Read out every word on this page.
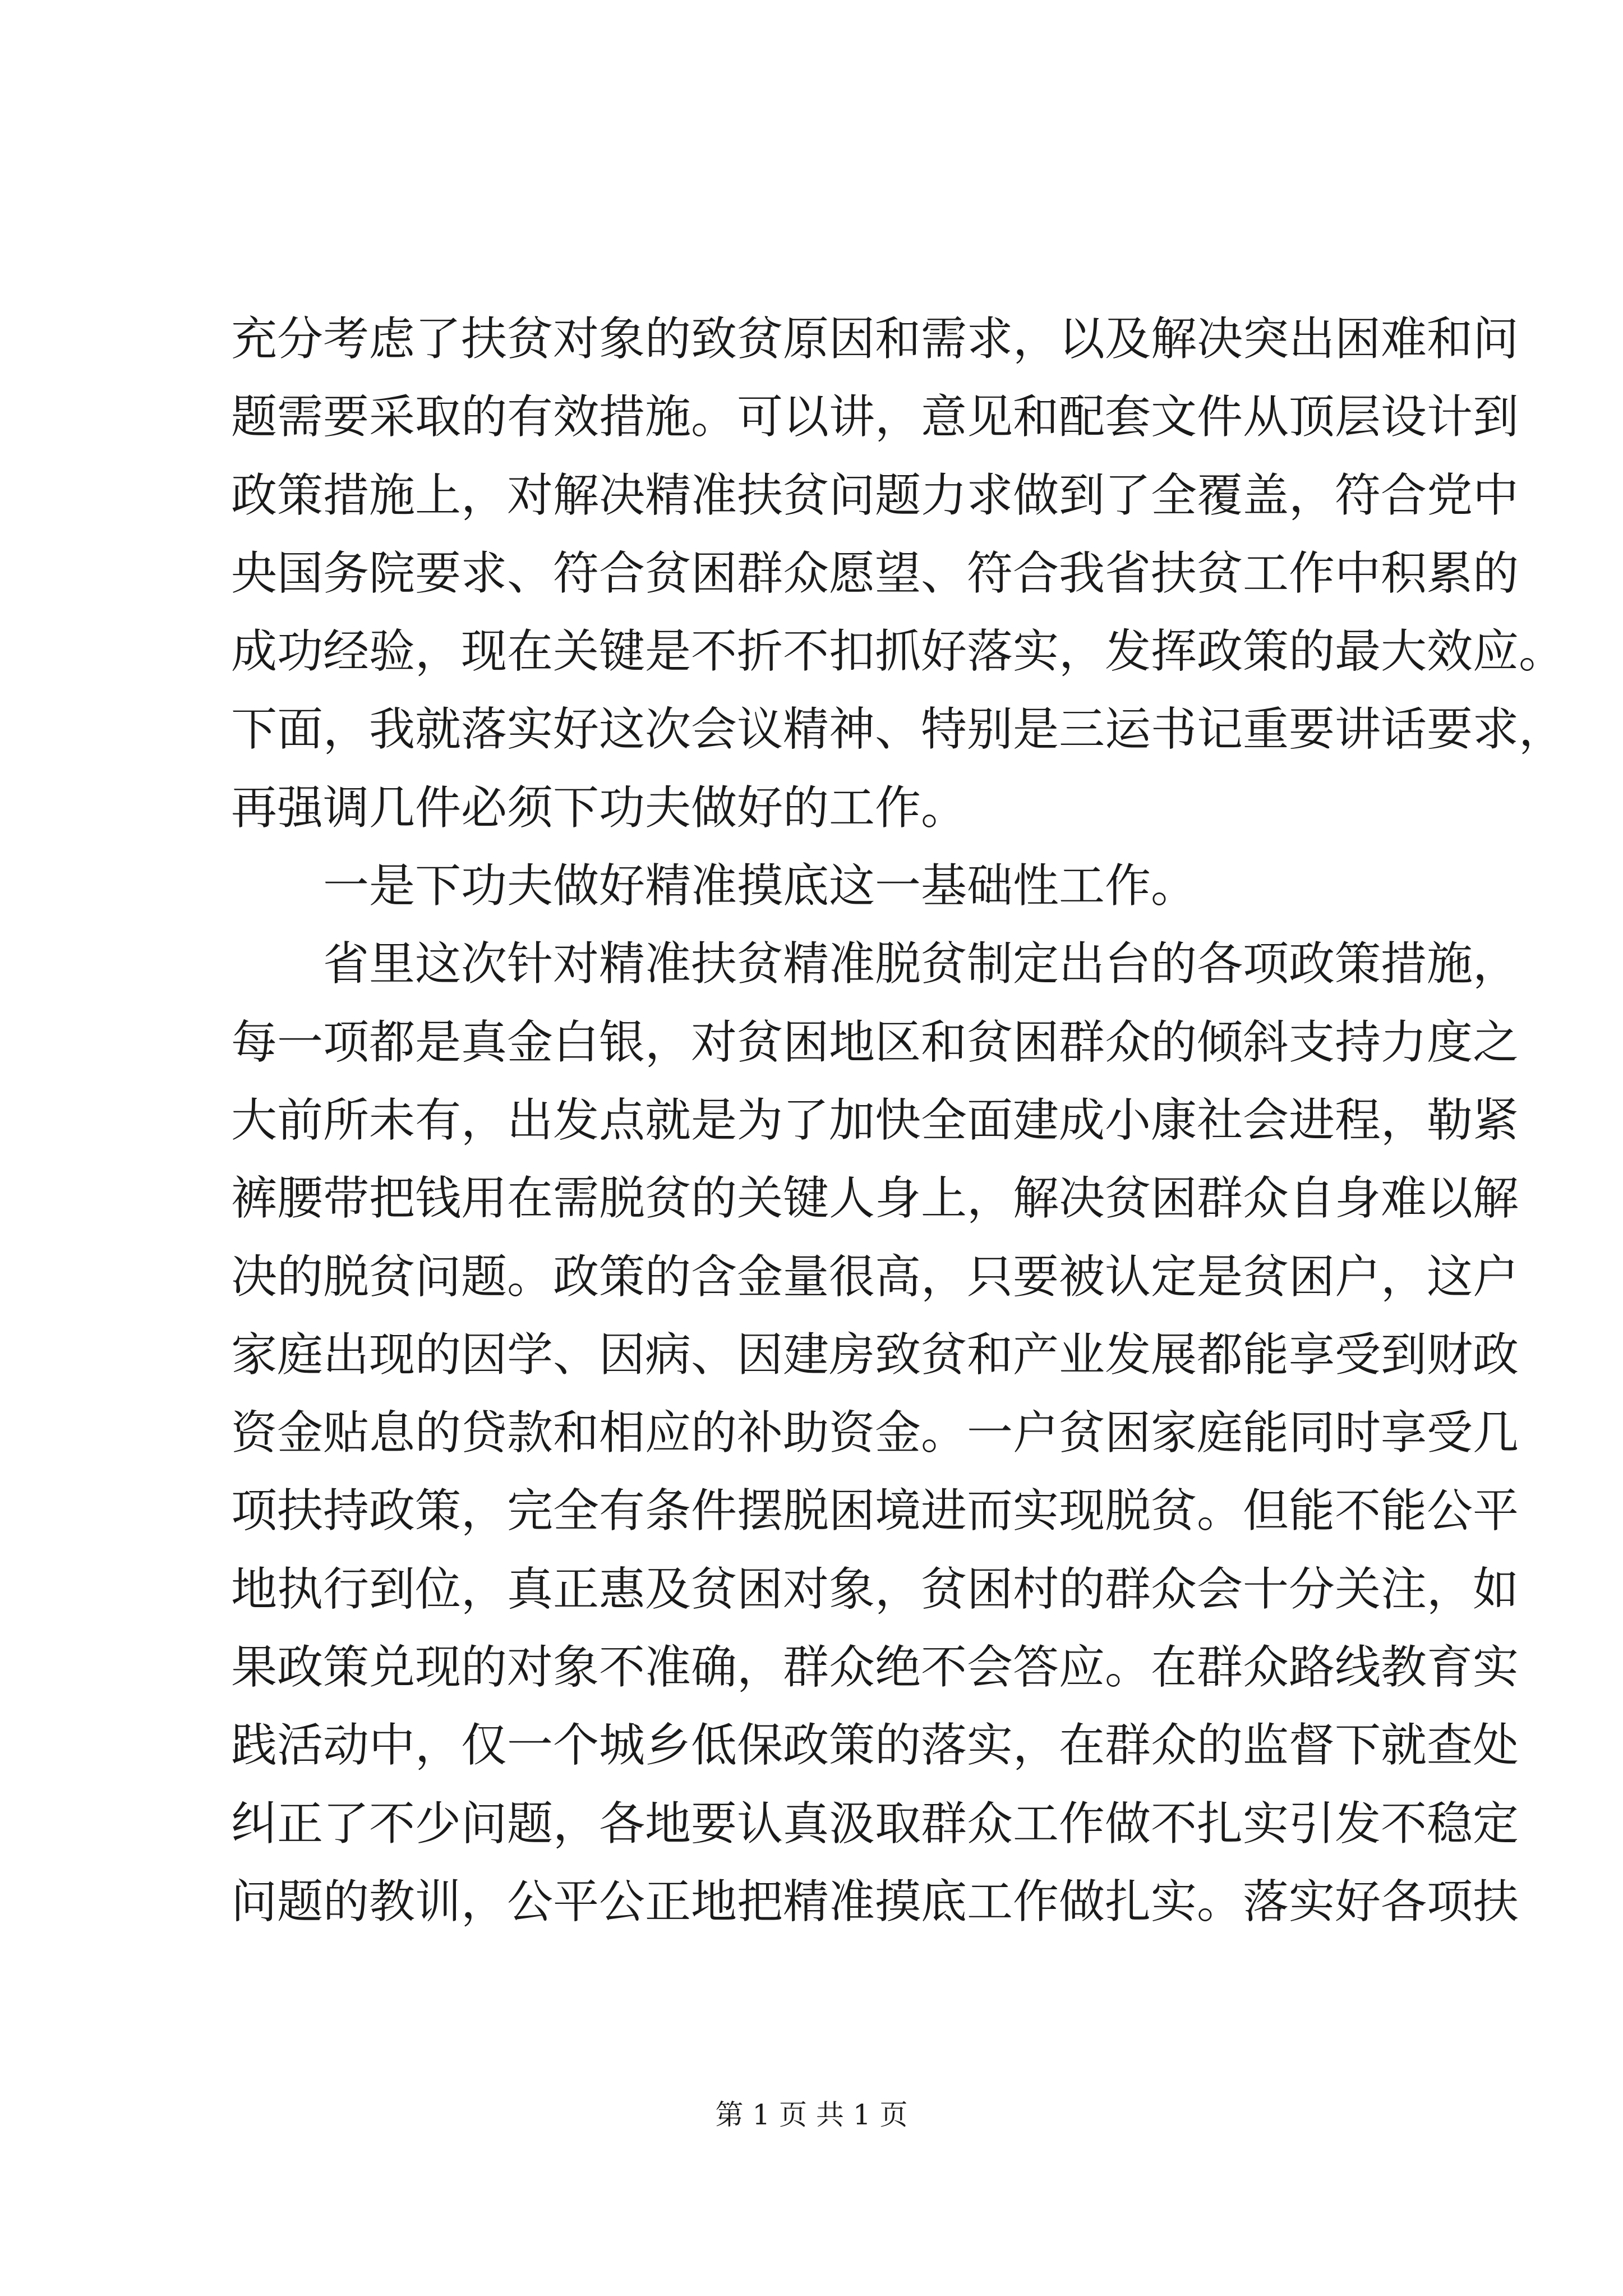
充分考虑了扶贫对象的致贫原因和需求，以及解决突出困难和问
题需要采取的有效措施。可以讲，意见和配套文件从顶层设计到
政策措施上，对解决精准扶贫问题力求做到了全覆盖，符合党中
央国务院要求、符合贫困群众愿望、符合我省扶贫工作中积累的
成功经验，现在关键是不折不扣抓好落实，发挥政策的最大效应。
下面，我就落实好这次会议精神、特别是三运书记重要讲话要求，
再强调几件必须下功夫做好的工作。
一是下功夫做好精准摸底这一基础性工作。
省里这次针对精准扶贫精准脱贫制定出台的各项政策措施，
每一项都是真金白银，对贫困地区和贫困群众的倾斜支持力度之
大前所未有，出发点就是为了加快全面建成小康社会进程，勒紧
裤腰带把钱用在需脱贫的关键人身上，解决贫困群众自身难以解
决的脱贫问题。政策的含金量很高，只要被认定是贫困户，这户
家庭出现的因学、因病、因建房致贫和产业发展都能享受到财政
资金贴息的贷款和相应的补助资金。一户贫困家庭能同时享受几
项扶持政策，完全有条件摆脱困境进而实现脱贫。但能不能公平
地执行到位，真正惠及贫困对象，贫困村的群众会十分关注，如
果政策兑现的对象不准确，群众绝不会答应。在群众路线教育实
践活动中，仅一个城乡低保政策的落实，在群众的监督下就查处
纠正了不少问题，各地要认真汲取群众工作做不扎实引发不稳定
问题的教训，公平公正地把精准摸底工作做扎实。落实好各项扶
第 1 页 共 1 页
